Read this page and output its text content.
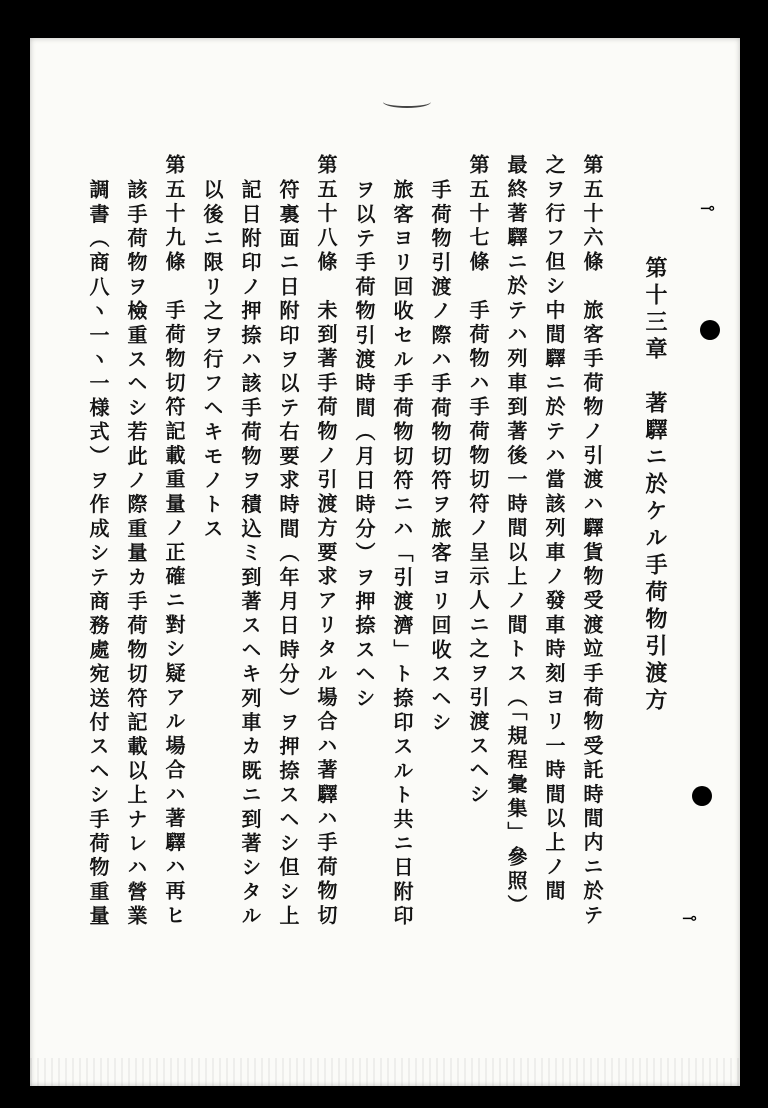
第十三章　著驛ニ於ケル手荷物引渡方
第五十六條　旅客手荷物ノ引渡ハ驛貨物受渡竝手荷物受託時間内ニ於テ
之ヲ行フ但シ中間驛ニ於テハ當該列車ノ發車時刻ヨリ一時間以上ノ間
最終著驛ニ於テハ列車到著後一時間以上ノ間トス（「規程彙集」參照）
第五十七條　手荷物ハ手荷物切符ノ呈示人ニ之ヲ引渡スヘシ
手荷物引渡ノ際ハ手荷物切符ヲ旅客ヨリ回收スヘシ
旅客ヨリ回收セル手荷物切符ニハ「引渡濟」ト捺印スルト共ニ日附印
ヲ以テ手荷物引渡時間（月日時分）ヲ押捺スヘシ
第五十八條　未到著手荷物ノ引渡方要求アリタル場合ハ著驛ハ手荷物切
符裏面ニ日附印ヲ以テ右要求時間（年月日時分）ヲ押捺スヘシ但シ上
記日附印ノ押捺ハ該手荷物ヲ積込ミ到著スヘキ列車カ既ニ到著シタル
以後ニ限リ之ヲ行フヘキモノトス
第五十九條　手荷物切符記載重量ノ正確ニ對シ疑アル場合ハ著驛ハ再ヒ
該手荷物ヲ檢重スヘシ若此ノ際重量カ手荷物切符記載以上ナレハ營業
調書（商八ヽ一ヽ一様式）ヲ作成シテ商務處宛送付スヘシ手荷物重量	⊸
⊸
